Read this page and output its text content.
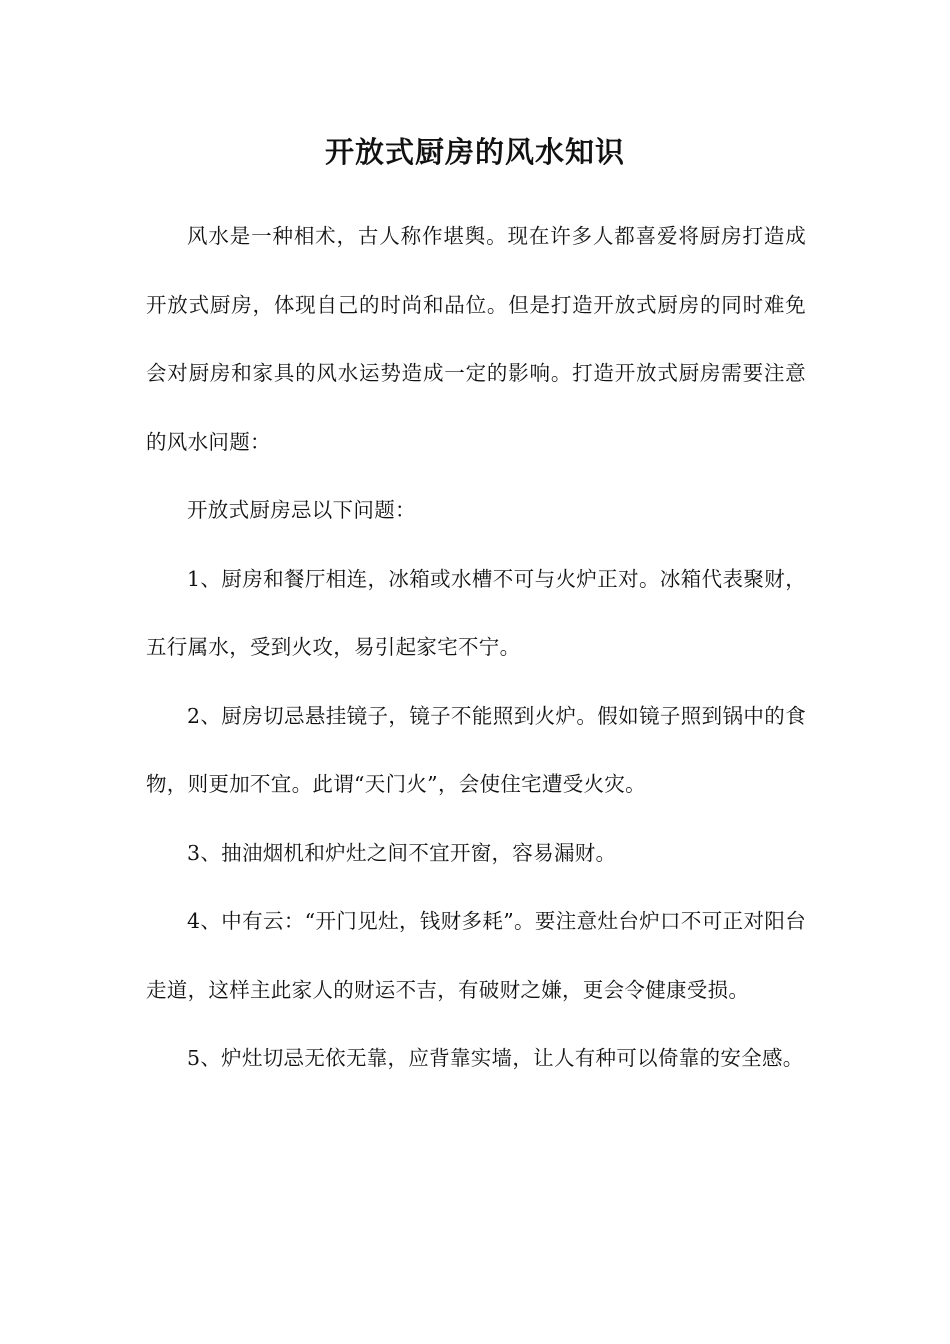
开放式厨房的风水知识

风水是一种相术，古人称作堪舆。现在许多人都喜爱将厨房打造成开放式厨房，体现自己的时尚和品位。但是打造开放式厨房的同时难免会对厨房和家具的风水运势造成一定的影响。打造开放式厨房需要注意的风水问题：

开放式厨房忌以下问题：

1、厨房和餐厅相连，冰箱或水槽不可与火炉正对。冰箱代表聚财，五行属水，受到火攻，易引起家宅不宁。

2、厨房切忌悬挂镜子，镜子不能照到火炉。假如镜子照到锅中的食物，则更加不宜。此谓“天门火”，会使住宅遭受火灾。

3、抽油烟机和炉灶之间不宜开窗，容易漏财。

4、中有云：“开门见灶，钱财多耗”。要注意灶台炉口不可正对阳台走道，这样主此家人的财运不吉，有破财之嫌，更会令健康受损。

5、炉灶切忌无依无靠，应背靠实墙，让人有种可以倚靠的安全感。
